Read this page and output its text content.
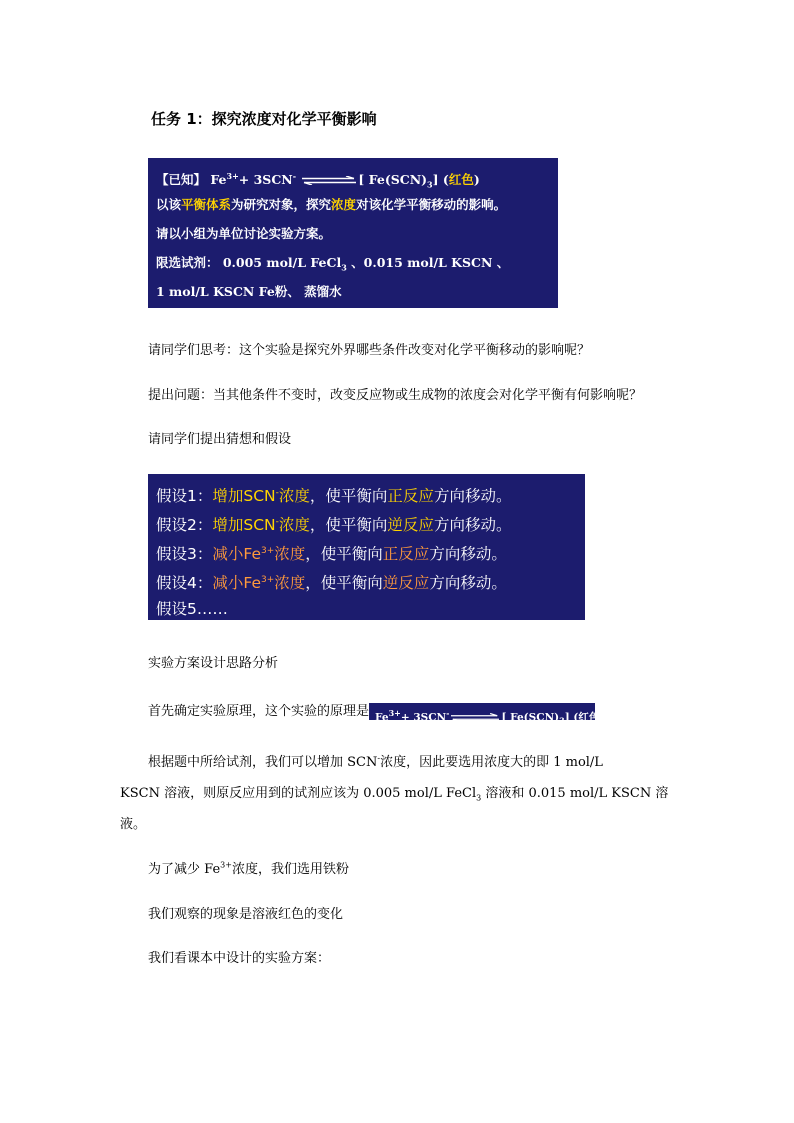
任务 1：探究浓度对化学平衡影响
【已知】 $Fe^{3+}+ 3SCN^-$	[ $Fe(SCN)_3$] (红色)
以该平衡体系为研究对象，探究浓度对该化学平衡移动的影响。
请以小组为单位讨论实验方案。
限选试剂： 0.005 mol/L FeCl$_3$ 、0.015 mol/L KSCN 、
1 mol/L KSCN Fe粉、 蒸馏水
请同学们思考：这个实验是探究外界哪些条件改变对化学平衡移动的影响呢？
提出问题：当其他条件不变时，改变反应物或生成物的浓度会对化学平衡有何影响呢？
请同学们提出猜想和假设
假设1：增加SCN-浓度，使平衡向正反应方向移动。
假设2：增加SCN-浓度，使平衡向逆反应方向移动。
假设3：减小$Fe^{3+}$浓度，使平衡向正反应方向移动。
假设4：减小$Fe^{3+}$浓度，使平衡向逆反应方向移动。
假设5……
实验方案设计思路分析
首先确定实验原理，这个实验的原理是 $Fe^{3+}+ 3SCN^-$	[ $Fe(SCN)_3$] (红色)
根据题中所给试剂，我们可以增加 SCN-浓度，因此要选用浓度大的即 1 mol/L
KSCN 溶液，则原反应用到的试剂应该为 0.005 mol/L FeCl$_3$ 溶液和 0.015 mol/L KSCN 溶
液。
为了减少 $Fe^{3+}$浓度，我们选用铁粉
我们观察的现象是溶液红色的变化
我们看课本中设计的实验方案：
